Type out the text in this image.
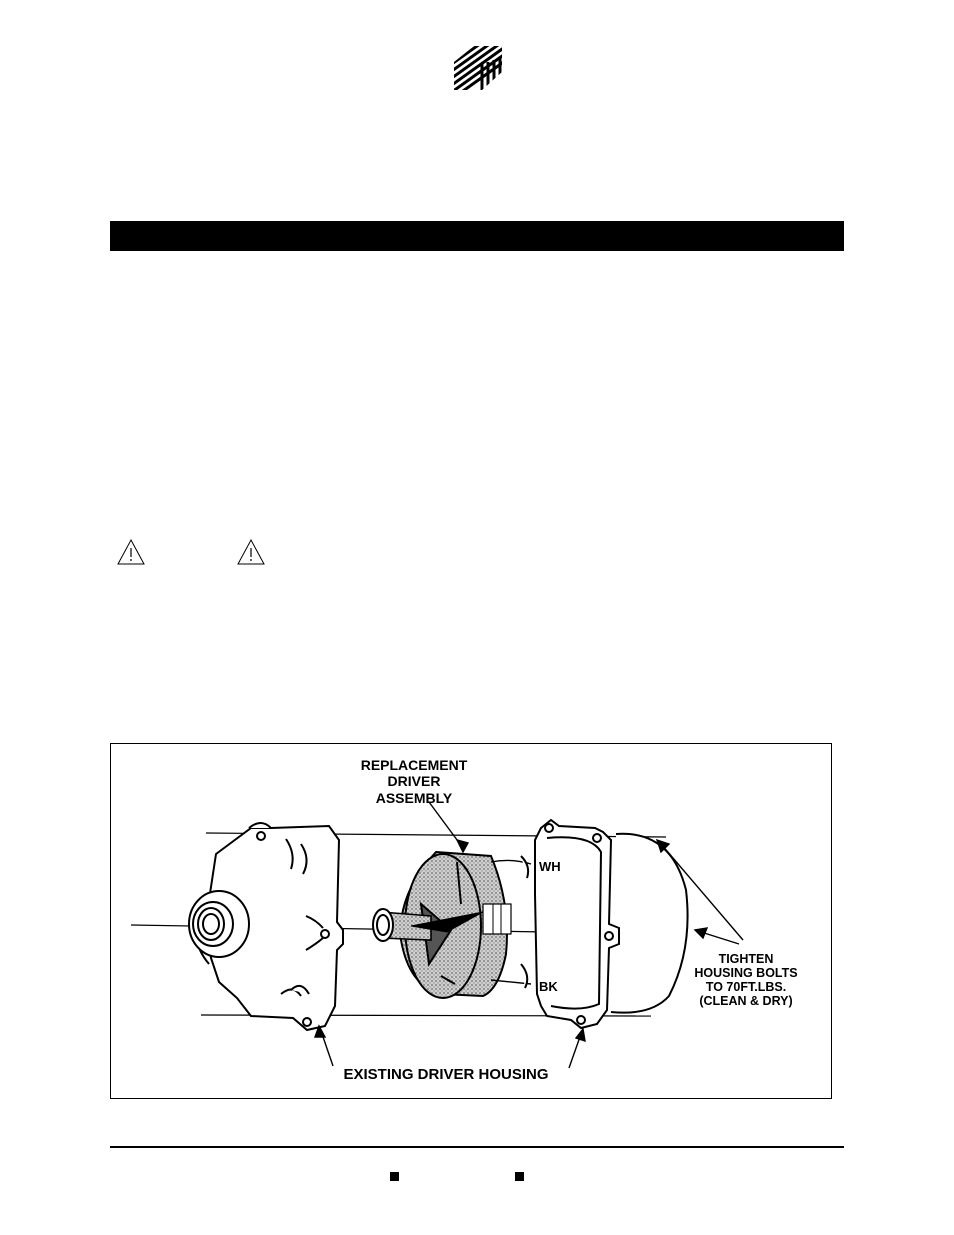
REPLACEMENT
DRIVER
ASSEMBLY
WH
BK
TIGHTEN
HOUSING BOLTS
TO 70FT.LBS.
(CLEAN & DRY)
EXISTING DRIVER HOUSING
